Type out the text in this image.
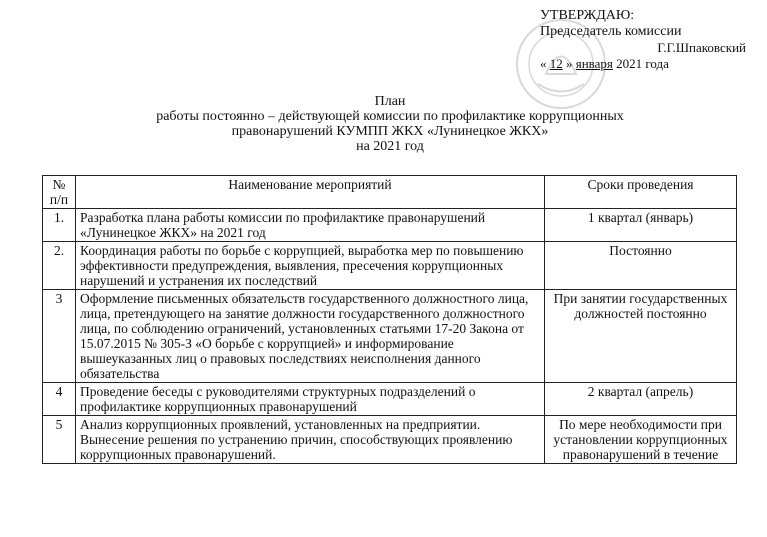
УТВЕРЖДАЮ:
Председатель комиссии
Г.Г.Шпаковский
« 12 » января 2021 года
План
работы постоянно – действующей комиссии по профилактике коррупционных
правонарушений КУМПП ЖКХ «Лунинецкое ЖКХ»
на 2021 год
№ п/п	Наименование мероприятий	Сроки проведения
1.	Разработка плана работы комиссии по профилактике правонарушений «Лунинецкое ЖКХ» на 2021 год	1 квартал (январь)
2.	Координация работы по борьбе с коррупцией, выработка мер по повышению эффективности предупреждения, выявления, пресечения коррупционных нарушений и устранения их последствий	Постоянно
3	Оформление письменных обязательств государственного должностного лица, лица, претендующего на занятие должности государственного должностного лица, по соблюдению ограничений, установленных статьями 17-20 Закона от 15.07.2015 № 305-З «О борьбе с коррупцией» и информирование вышеуказанных лиц о правовых последствиях неисполнения данного обязательства	При занятии государственных должностей постоянно
4	Проведение беседы с руководителями структурных подразделений о профилактике коррупционных правонарушений	2 квартал (апрель)
5	Анализ коррупционных проявлений, установленных на предприятии. Вынесение решения по устранению причин, способствующих проявлению коррупционных правонарушений.	По мере необходимости при установлении коррупционных правонарушений в течение
